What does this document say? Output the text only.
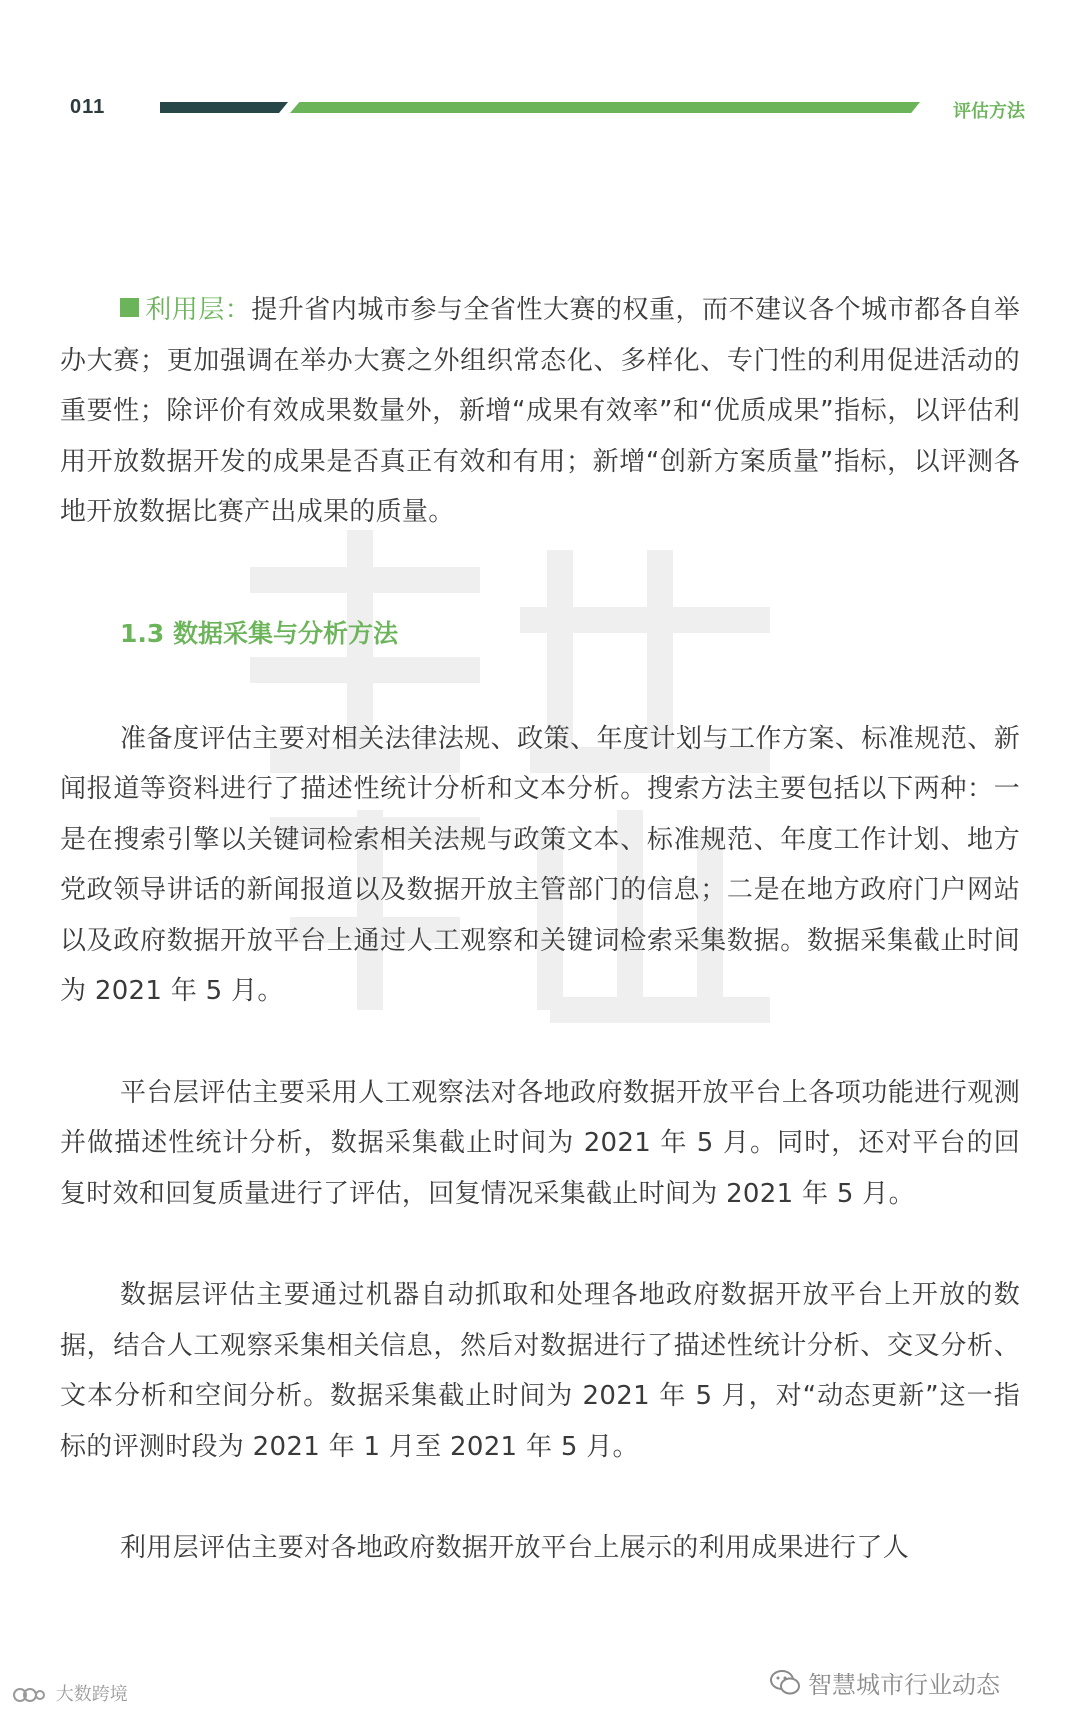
011	评估方法

利用层：提升省内城市参与全省性大赛的权重，而不建议各个城市都各自举办大赛；更加强调在举办大赛之外组织常态化、多样化、专门性的利用促进活动的重要性；除评价有效成果数量外，新增“成果有效率”和“优质成果”指标，以评估利用开放数据开发的成果是否真正有效和有用；新增“创新方案质量”指标，以评测各地开放数据比赛产出成果的质量。

1.3 数据采集与分析方法

准备度评估主要对相关法律法规、政策、年度计划与工作方案、标准规范、新闻报道等资料进行了描述性统计分析和文本分析。搜索方法主要包括以下两种：一是在搜索引擎以关键词检索相关法规与政策文本、标准规范、年度工作计划、地方党政领导讲话的新闻报道以及数据开放主管部门的信息；二是在地方政府门户网站以及政府数据开放平台上通过人工观察和关键词检索采集数据。数据采集截止时间为 2021 年 5 月。

平台层评估主要采用人工观察法对各地政府数据开放平台上各项功能进行观测并做描述性统计分析，数据采集截止时间为 2021 年 5 月。同时，还对平台的回复时效和回复质量进行了评估，回复情况采集截止时间为 2021 年 5 月。

数据层评估主要通过机器自动抓取和处理各地政府数据开放平台上开放的数据，结合人工观察采集相关信息，然后对数据进行了描述性统计分析、交叉分析、文本分析和空间分析。数据采集截止时间为 2021 年 5 月，对“动态更新”这一指标的评测时段为 2021 年 1 月至 2021 年 5 月。

利用层评估主要对各地政府数据开放平台上展示的利用成果进行了人

大数跨境	智慧城市行业动态
